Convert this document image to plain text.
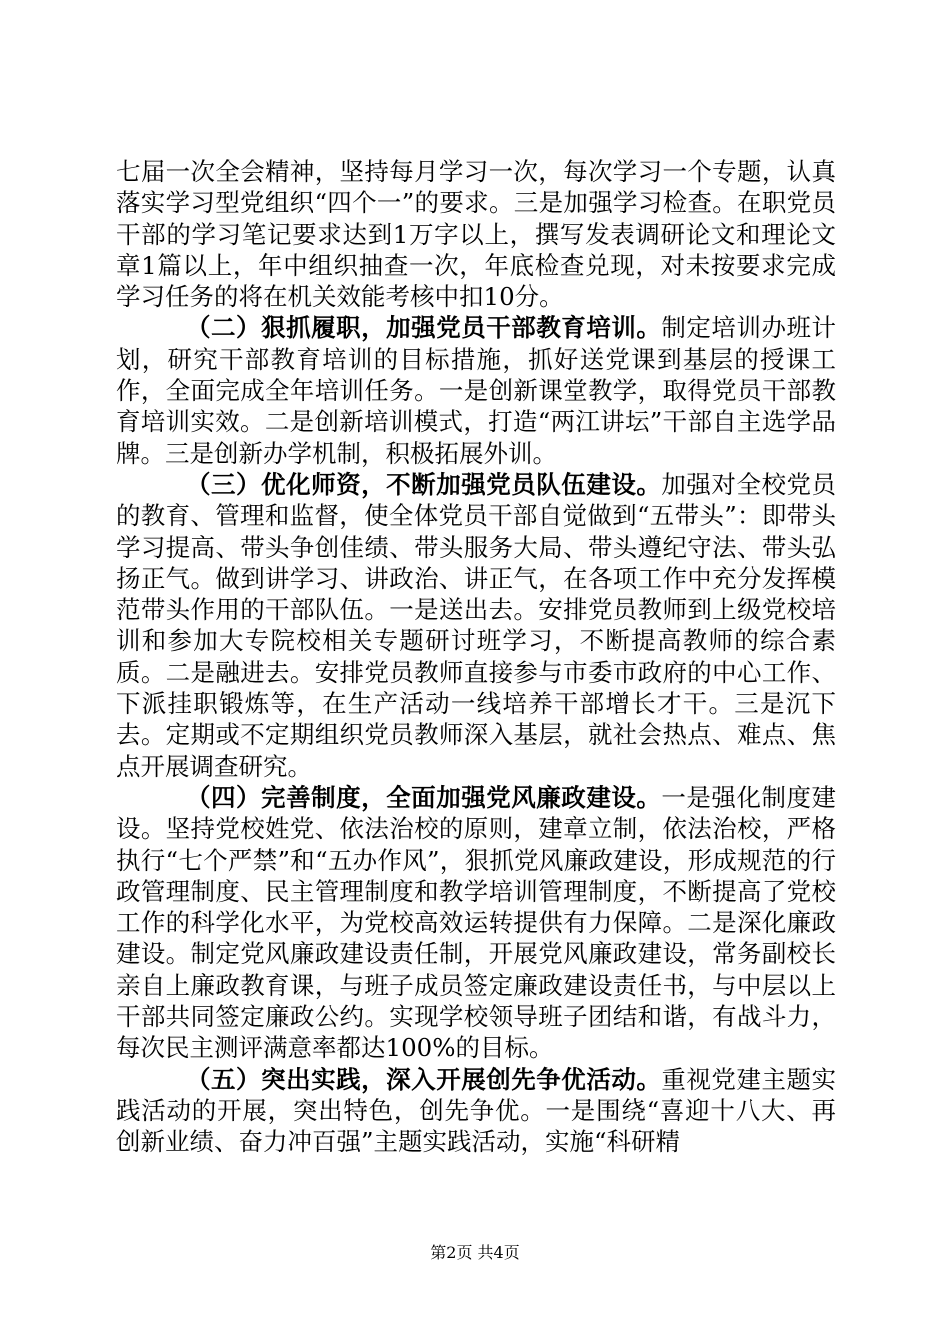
七届一次全会精神，坚持每月学习一次，每次学习一个专题，认真落实学习型党组织“四个一”的要求。三是加强学习检查。在职党员干部的学习笔记要求达到1万字以上，撰写发表调研论文和理论文章1篇以上，年中组织抽查一次，年底检查兑现，对未按要求完成学习任务的将在机关效能考核中扣10分。

（二）狠抓履职，加强党员干部教育培训。制定培训办班计划，研究干部教育培训的目标措施，抓好送党课到基层的授课工作，全面完成全年培训任务。一是创新课堂教学，取得党员干部教育培训实效。二是创新培训模式，打造“两江讲坛”干部自主选学品牌。三是创新办学机制，积极拓展外训。

（三）优化师资，不断加强党员队伍建设。加强对全校党员的教育、管理和监督，使全体党员干部自觉做到“五带头”：即带头学习提高、带头争创佳绩、带头服务大局、带头遵纪守法、带头弘扬正气。做到讲学习、讲政治、讲正气，在各项工作中充分发挥模范带头作用的干部队伍。一是送出去。安排党员教师到上级党校培训和参加大专院校相关专题研讨班学习，不断提高教师的综合素质。二是融进去。安排党员教师直接参与市委市政府的中心工作、下派挂职锻炼等，在生产活动一线培养干部增长才干。三是沉下去。定期或不定期组织党员教师深入基层，就社会热点、难点、焦点开展调查研究。

（四）完善制度，全面加强党风廉政建设。一是强化制度建设。坚持党校姓党、依法治校的原则，建章立制，依法治校，严格执行“七个严禁”和“五办作风”，狠抓党风廉政建设，形成规范的行政管理制度、民主管理制度和教学培训管理制度，不断提高了党校工作的科学化水平，为党校高效运转提供有力保障。二是深化廉政建设。制定党风廉政建设责任制，开展党风廉政建设，常务副校长亲自上廉政教育课，与班子成员签定廉政建设责任书，与中层以上干部共同签定廉政公约。实现学校领导班子团结和谐，有战斗力，每次民主测评满意率都达100%的目标。

（五）突出实践，深入开展创先争优活动。重视党建主题实践活动的开展，突出特色，创先争优。一是围绕“喜迎十八大、再创新业绩、奋力冲百强”主题实践活动，实施“科研精

第2页 共4页
